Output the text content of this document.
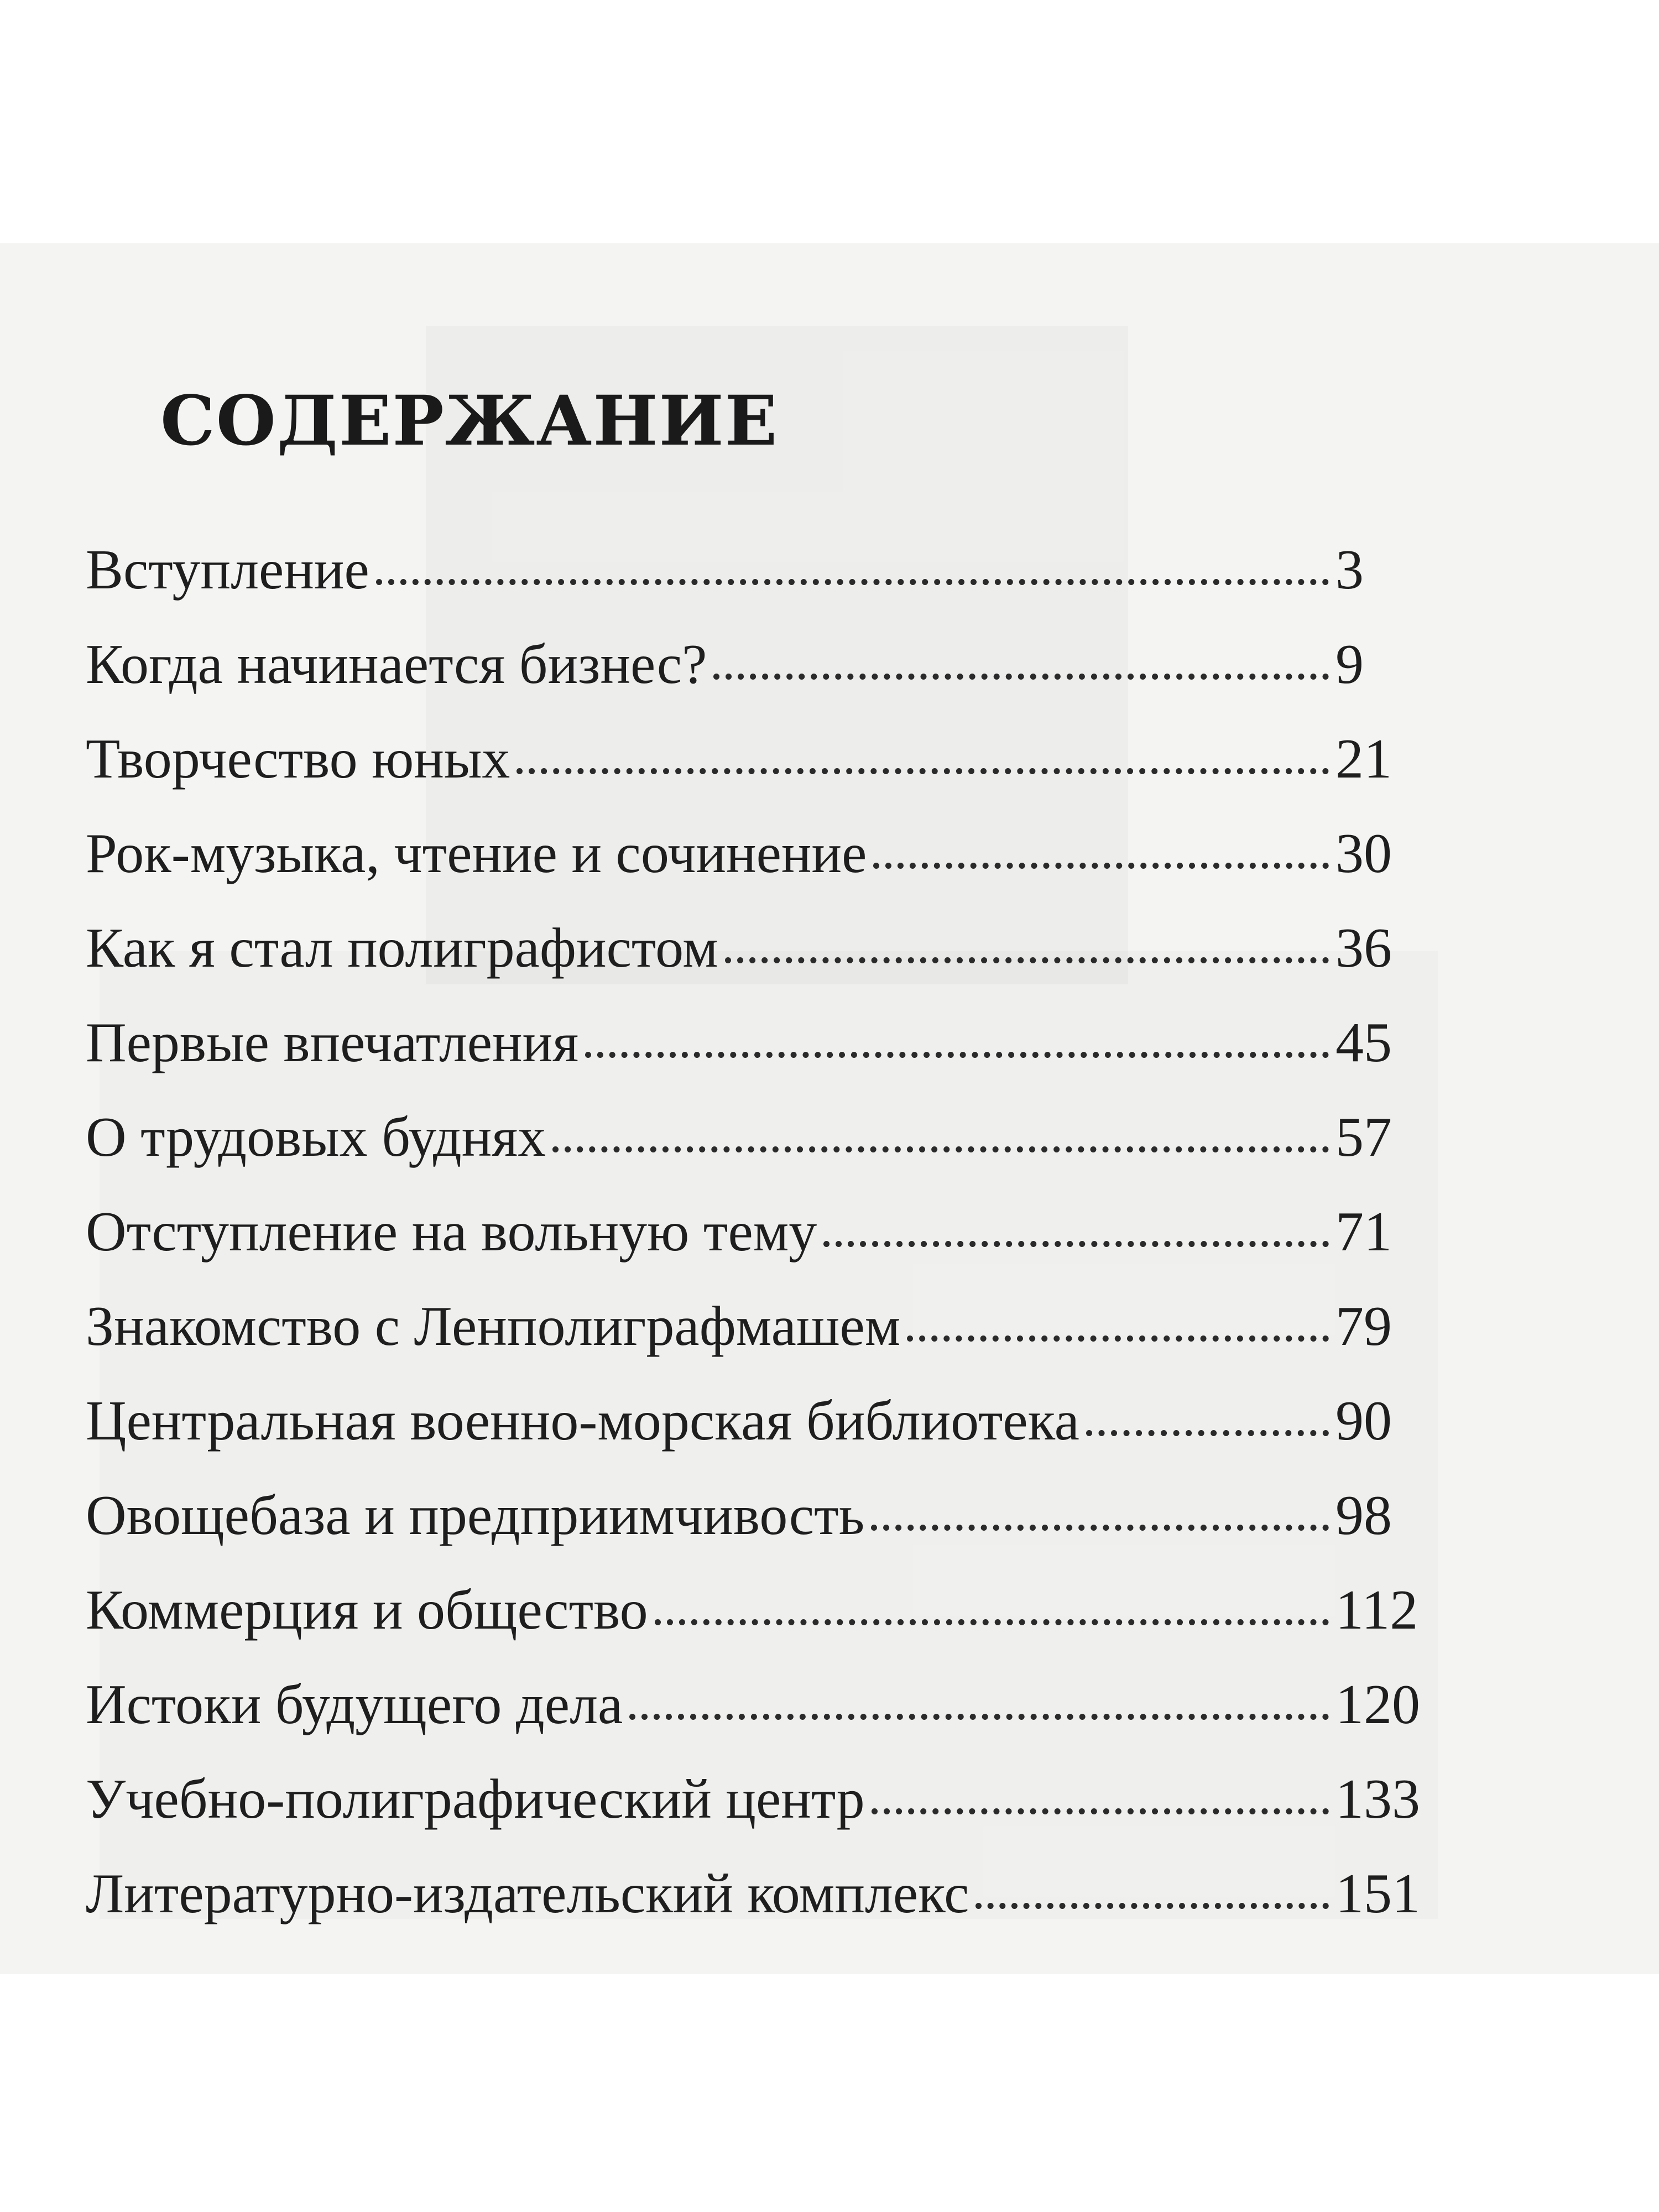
СОДЕРЖАНИЕ
Вступление	3
Когда начинается бизнес?	9
Творчество юных	21
Рок-музыка, чтение и сочинение	30
Как я стал полиграфистом	36
Первые впечатления	45
О трудовых буднях	57
Отступление на вольную тему	71
Знакомство с Ленполиграфмашем	79
Центральная военно-морская библиотека	90
Овощебаза и предприимчивость	98
Коммерция и общество	112
Истоки будущего дела	120
Учебно-полиграфический центр	133
Литературно-издательский комплекс	151
